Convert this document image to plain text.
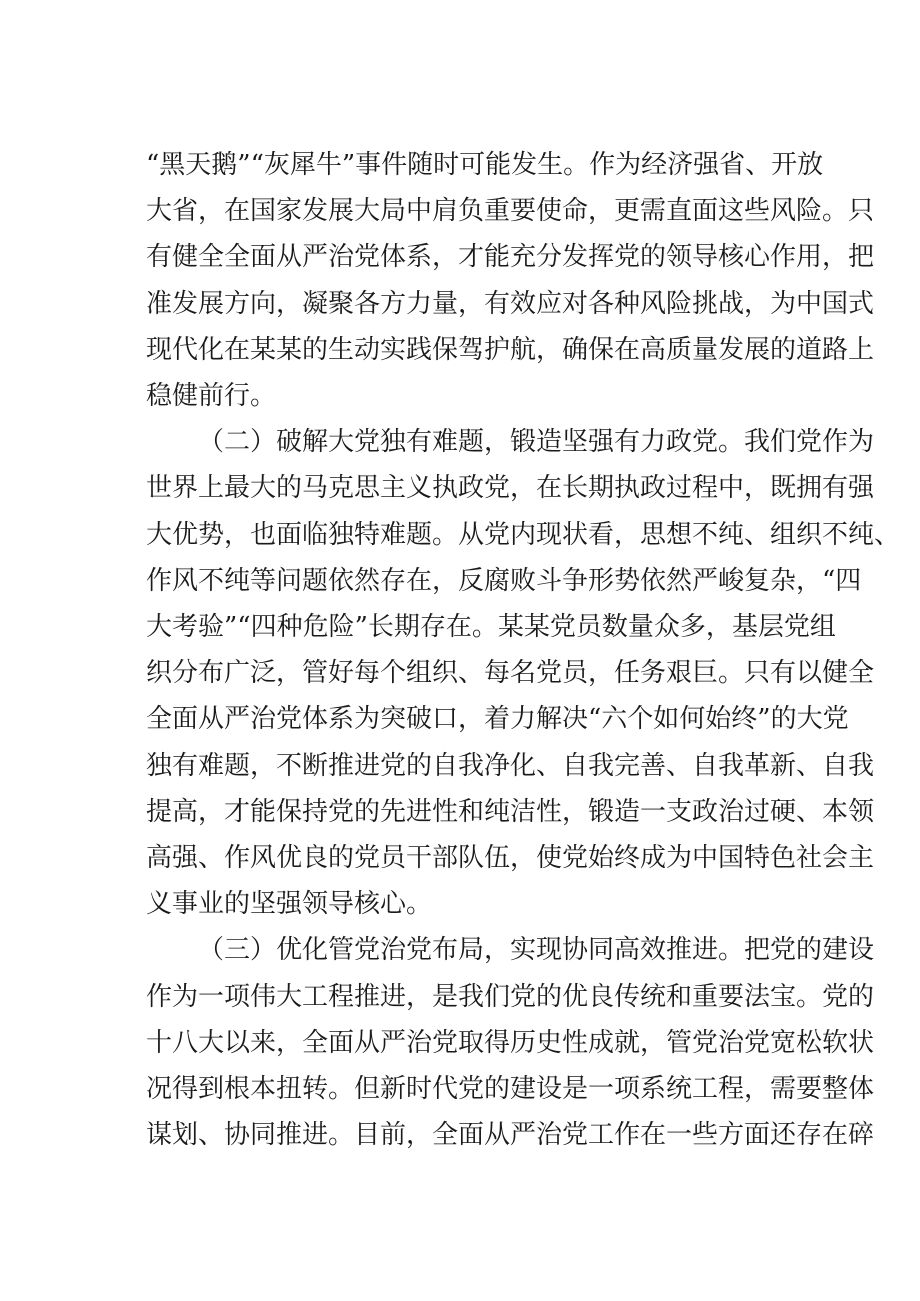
“黑天鹅”“灰犀牛”事件随时可能发生。作为经济强省、开放
大省，在国家发展大局中肩负重要使命，更需直面这些风险。只
有健全全面从严治党体系，才能充分发挥党的领导核心作用，把
准发展方向，凝聚各方力量，有效应对各种风险挑战，为中国式
现代化在某某的生动实践保驾护航，确保在高质量发展的道路上
稳健前行。
（二）破解大党独有难题，锻造坚强有力政党。我们党作为
世界上最大的马克思主义执政党，在长期执政过程中，既拥有强
大优势，也面临独特难题。从党内现状看，思想不纯、组织不纯、
作风不纯等问题依然存在，反腐败斗争形势依然严峻复杂，“四
大考验”“四种危险”长期存在。某某党员数量众多，基层党组
织分布广泛，管好每个组织、每名党员，任务艰巨。只有以健全
全面从严治党体系为突破口，着力解决“六个如何始终”的大党
独有难题，不断推进党的自我净化、自我完善、自我革新、自我
提高，才能保持党的先进性和纯洁性，锻造一支政治过硬、本领
高强、作风优良的党员干部队伍，使党始终成为中国特色社会主
义事业的坚强领导核心。
（三）优化管党治党布局，实现协同高效推进。把党的建设
作为一项伟大工程推进，是我们党的优良传统和重要法宝。党的
十八大以来，全面从严治党取得历史性成就，管党治党宽松软状
况得到根本扭转。但新时代党的建设是一项系统工程，需要整体
谋划、协同推进。目前，全面从严治党工作在一些方面还存在碎
